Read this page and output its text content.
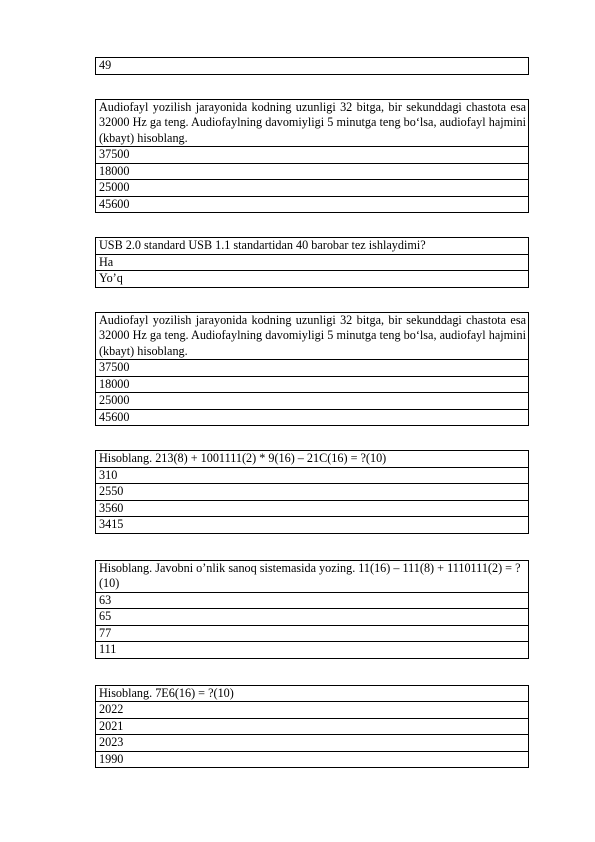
49
Audiofayl yozilish jarayonida kodning uzunligi 32 bitga, bir sekunddagi chastota esa 32000 Hz ga teng. Audiofaylning davomiyligi 5 minutga teng bo‘lsa, audiofayl hajmini (kbayt) hisoblang.
37500
18000
25000
45600
USB 2.0 standard USB 1.1 standartidan 40 barobar tez ishlaydimi?
Ha
Yo’q
Audiofayl yozilish jarayonida kodning uzunligi 32 bitga, bir sekunddagi chastota esa 32000 Hz ga teng. Audiofaylning davomiyligi 5 minutga teng bo‘lsa, audiofayl hajmini (kbayt) hisoblang.
37500
18000
25000
45600
Hisoblang. 213(8) + 1001111(2) * 9(16) – 21C(16) = ?(10)
310
2550
3560
3415
Hisoblang. Javobni o’nlik sanoq sistemasida yozing. 11(16) – 111(8) + 1110111(2) = ?(10)
63
65
77
111
Hisoblang. 7E6(16) = ?(10)
2022
2021
2023
1990
